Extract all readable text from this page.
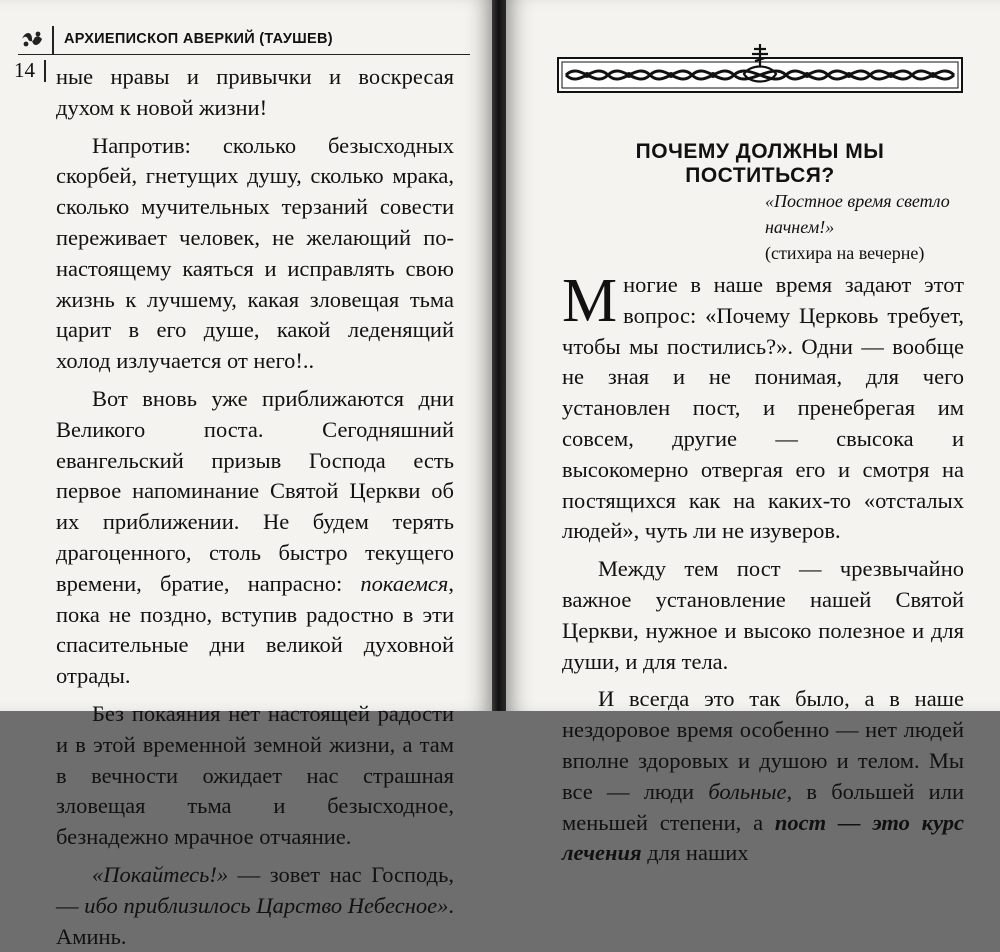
АРХИЕПИСКОП АВЕРКИЙ (ТАУШЕВ)
14 ные нравы и привычки и воскресая духом к новой жизни!

Напротив: сколько безысходных скорбей, гнетущих душу, сколько мрака, сколько мучительных терзаний совести переживает человек, не желающий по-настоящему каяться и исправлять свою жизнь к лучшему, какая зловещая тьма царит в его душе, какой леденящий холод излучается от него!..

Вот вновь уже приближаются дни Великого поста. Сегодняшний евангельский призыв Господа есть первое напоминание Святой Церкви об их приближении. Не будем терять драгоценного, столь быстро текущего времени, братие, напрасно: покаемся, пока не поздно, вступив радостно в эти спасительные дни великой духовной отрады.

Без покаяния нет настоящей радости и в этой временной земной жизни, а там в вечности ожидает нас страшная зловещая тьма и безысходное, безнадежно мрачное отчаяние.

«Покайтесь!» — зовет нас Господь, — ибо приблизилось Царство Небесное». Аминь.

ПОЧЕМУ ДОЛЖНЫ МЫ ПОСТИТЬСЯ?
«Постное время светло начнем!»
(стихира на вечерне)

Многие в наше время задают этот вопрос: «Почему Церковь требует, чтобы мы постились?». Одни — вообще не зная и не понимая, для чего установлен пост, и пренебрегая им совсем, другие — свысока и высокомерно отвергая его и смотря на постящихся как на каких-то «отсталых людей», чуть ли не изуверов.

Между тем пост — чрезвычайно важное установление нашей Святой Церкви, нужное и высоко полезное и для души, и для тела.

И всегда это так было, а в наше нездоровое время особенно — нет людей вполне здоровых и душою и телом. Мы все — люди больные, в большей или меньшей степени, а пост — это курс лечения для наших
